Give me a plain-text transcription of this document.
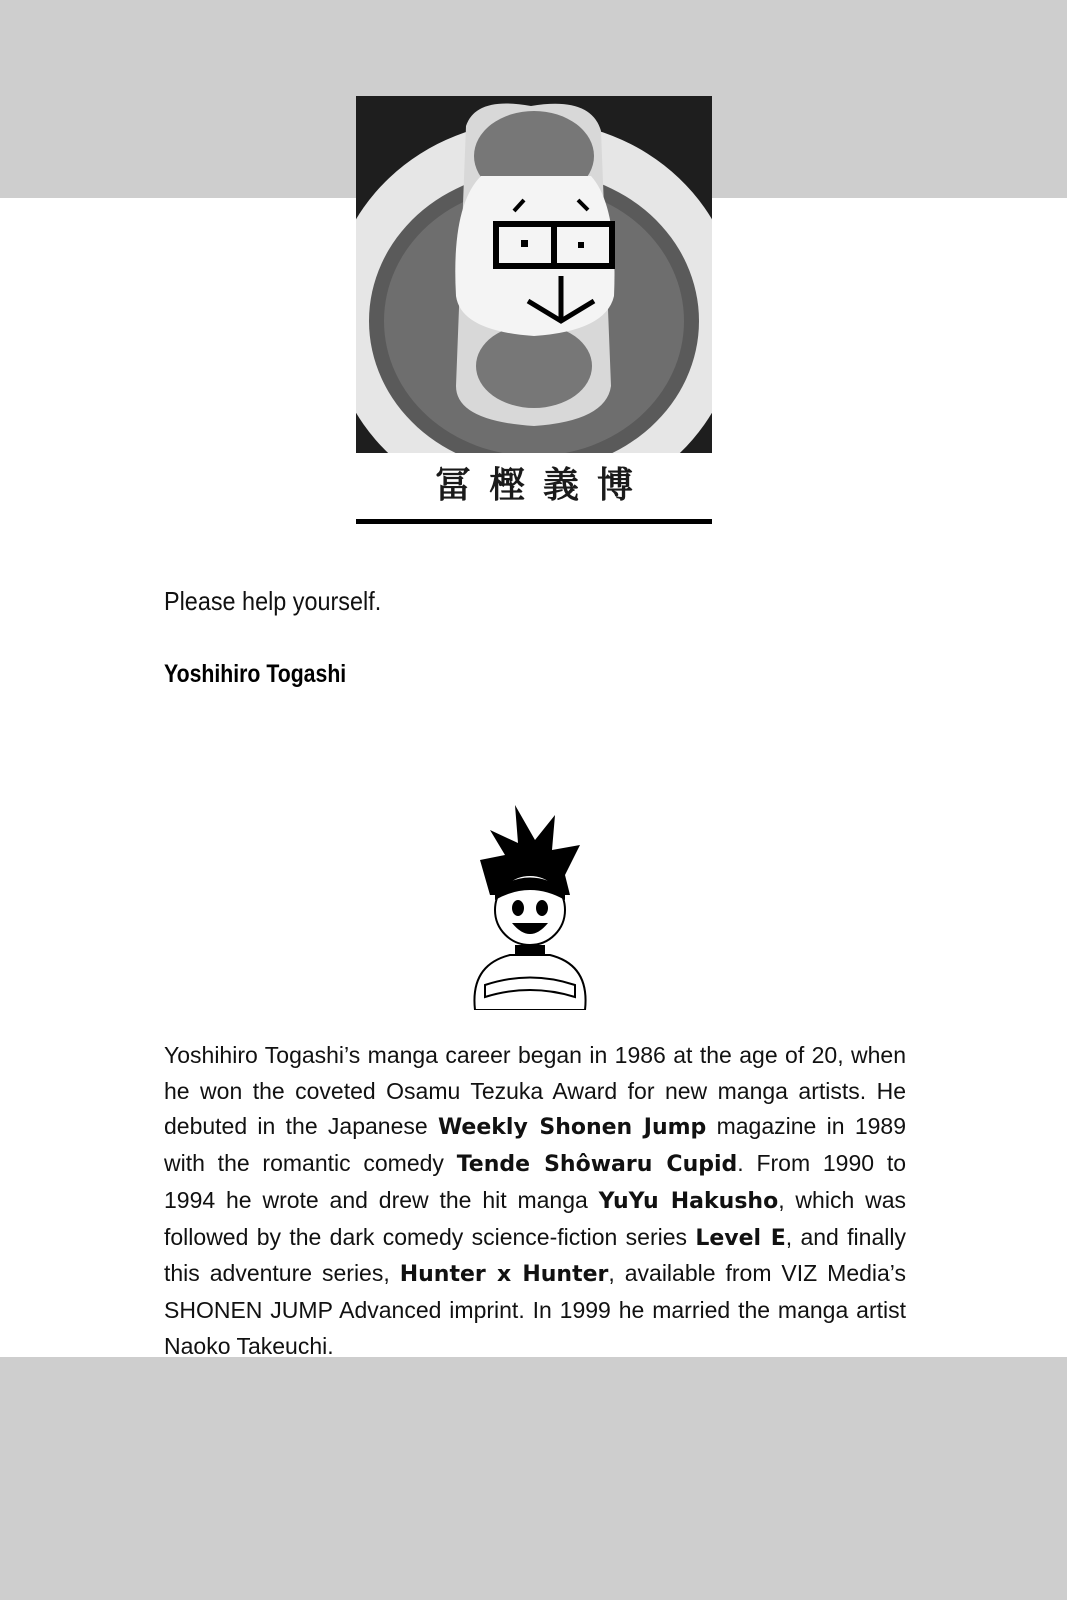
冨樫義博
Please help yourself.
Yoshihiro Togashi
Yoshihiro Togashi’s manga career began in 1986 at the age of 20, when he won the coveted Osamu Tezuka Award for new manga artists. He debuted in the Japanese Weekly Shonen Jump magazine in 1989 with the romantic comedy Tende Shôwaru Cupid. From 1990 to 1994 he wrote and drew the hit manga YuYu Hakusho, which was followed by the dark comedy science-fiction series Level E, and finally this adventure series, Hunter x Hunter, available from VIZ Media’s SHONEN JUMP Advanced imprint. In 1999 he married the manga artist Naoko Takeuchi.
